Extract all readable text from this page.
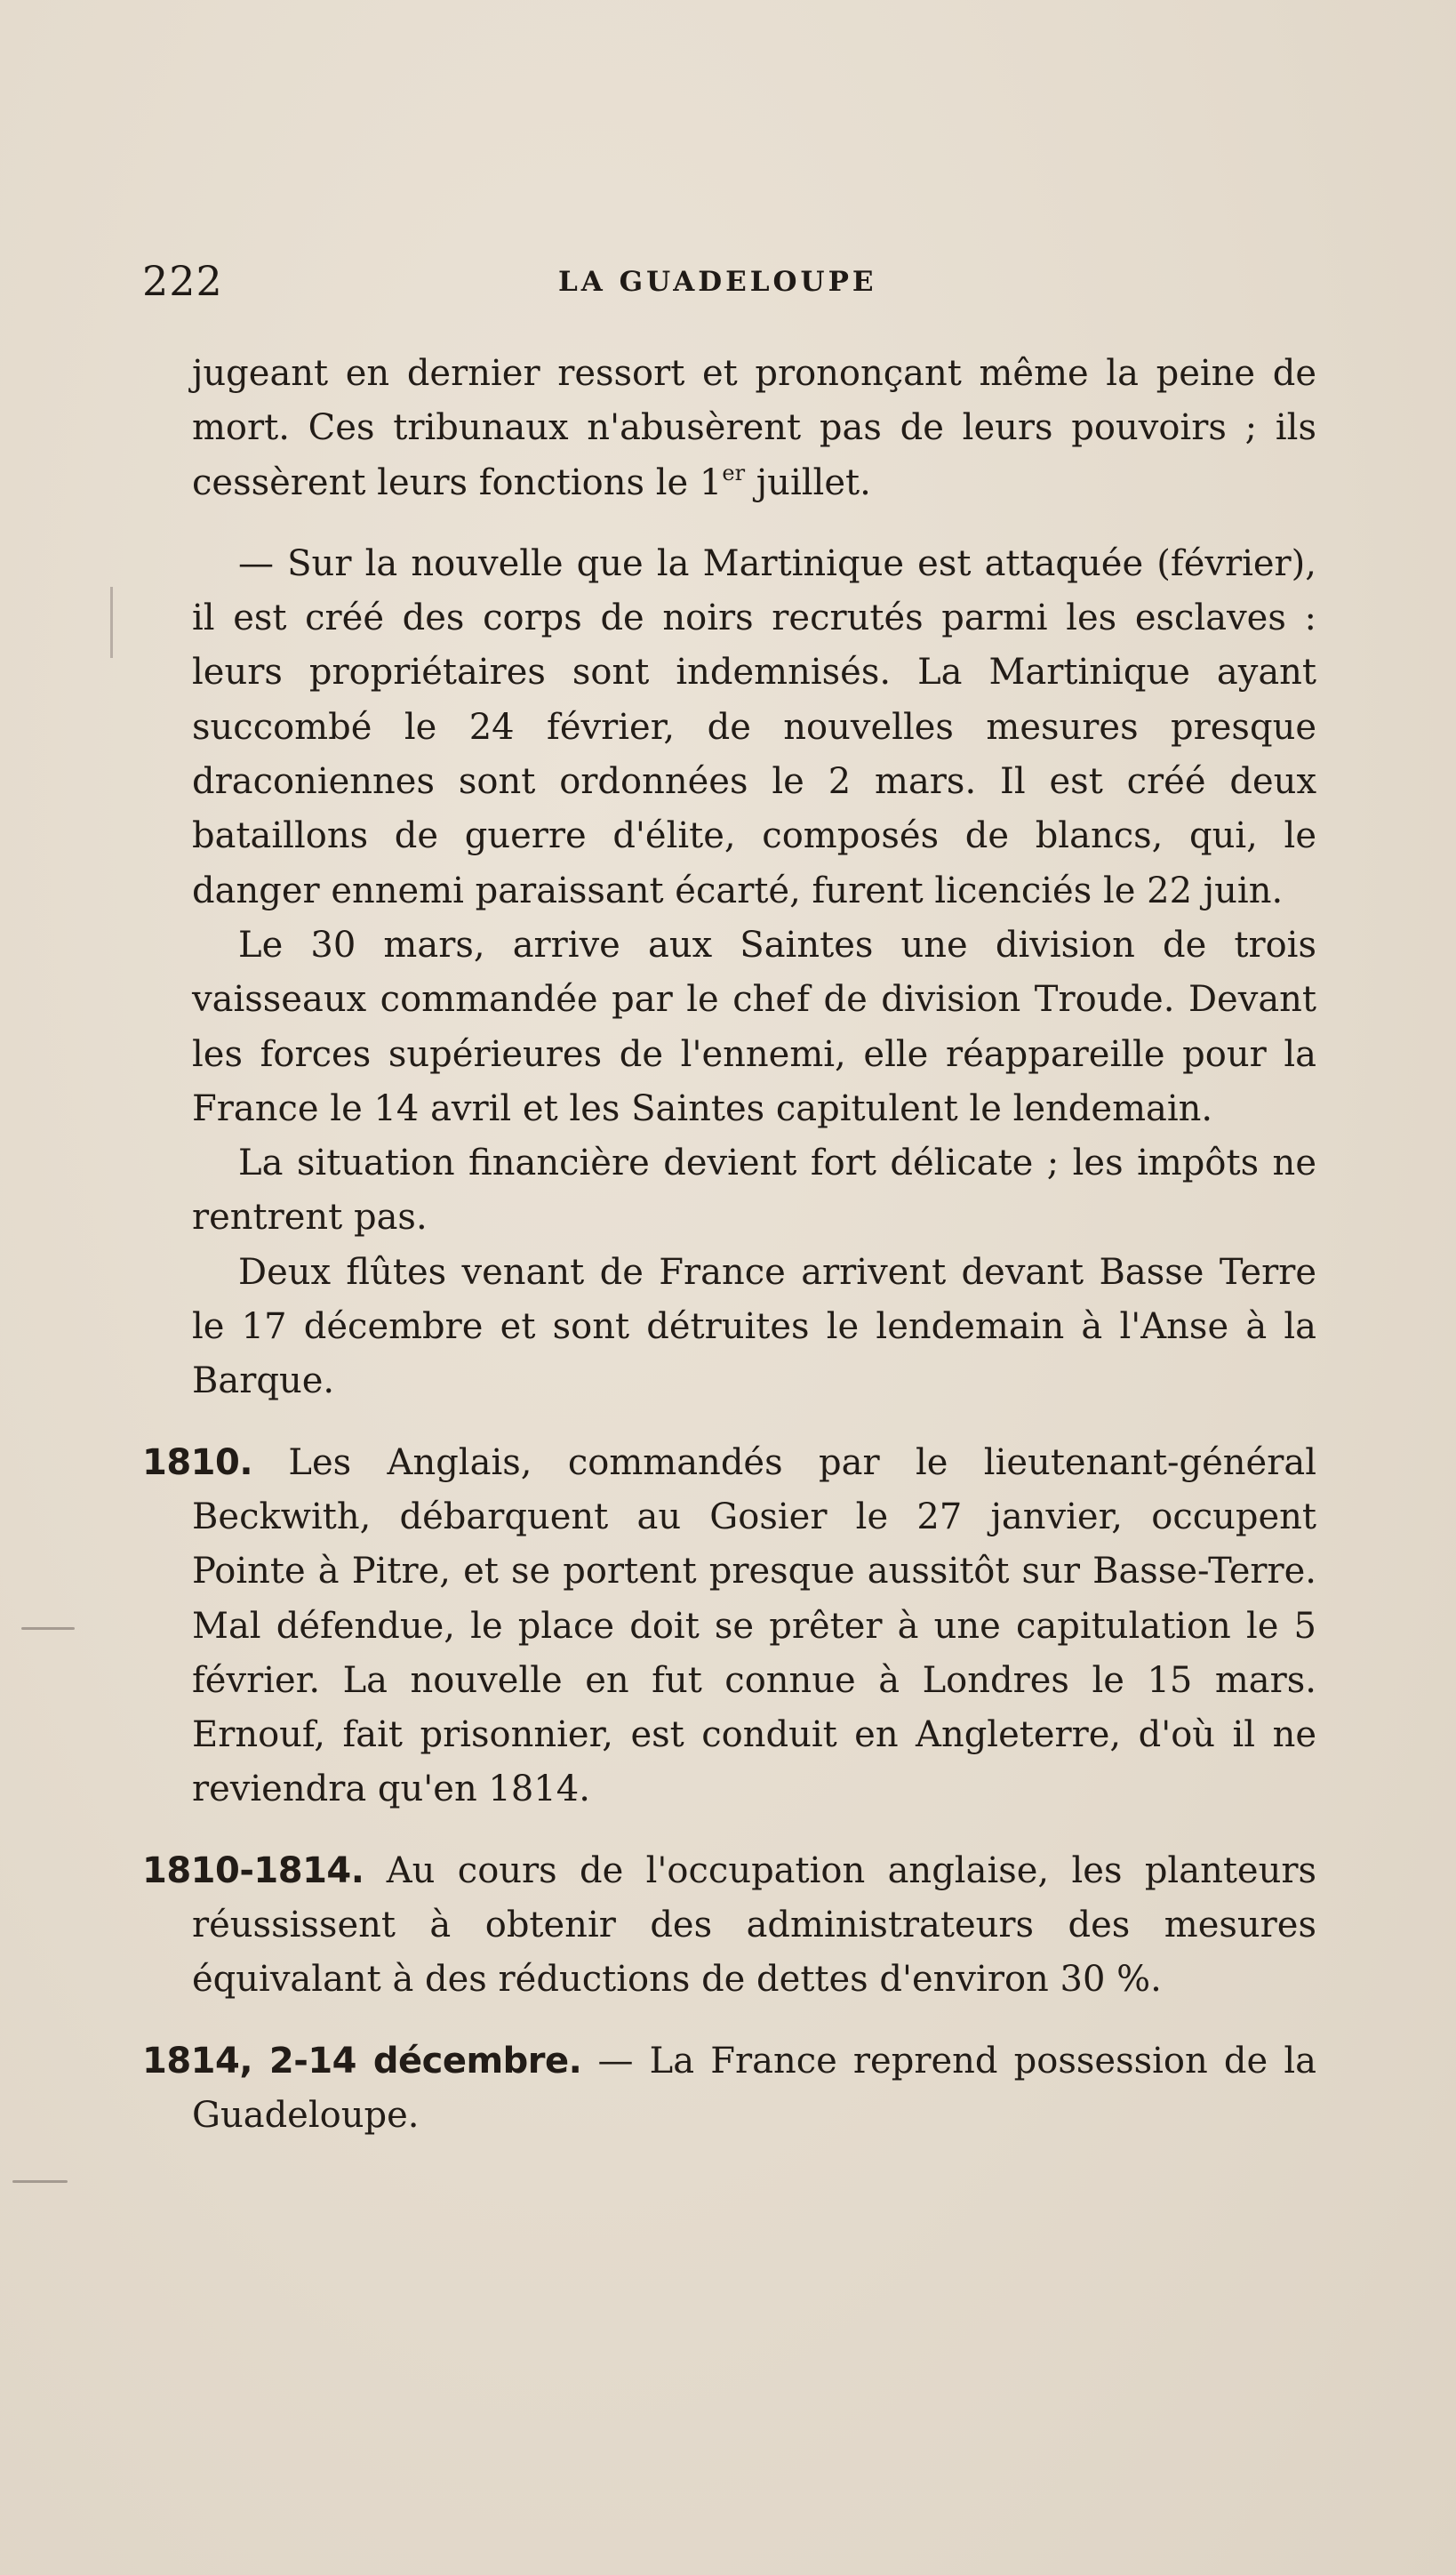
222	LA GUADELOUPE

jugeant en dernier ressort et prononçant même la peine de mort. Ces tribunaux n'abusèrent pas de leurs pouvoirs ; ils cessèrent leurs fonctions le 1er juillet.

— Sur la nouvelle que la Martinique est attaquée (février), il est créé des corps de noirs recrutés parmi les esclaves : leurs propriétaires sont indemnisés. La Martinique ayant succombé le 24 février, de nouvelles mesures presque draconiennes sont ordonnées le 2 mars. Il est créé deux bataillons de guerre d'élite, composés de blancs, qui, le danger ennemi paraissant écarté, furent licenciés le 22 juin.

Le 30 mars, arrive aux Saintes une division de trois vaisseaux commandée par le chef de division Troude. Devant les forces supérieures de l'ennemi, elle réappareille pour la France le 14 avril et les Saintes capitulent le lendemain.

La situation financière devient fort délicate ; les impôts ne rentrent pas.

Deux flûtes venant de France arrivent devant Basse Terre le 17 décembre et sont détruites le lendemain à l'Anse à la Barque.

1810. Les Anglais, commandés par le lieutenant-général Beckwith, débarquent au Gosier le 27 janvier, occupent Pointe à Pitre, et se portent presque aussitôt sur Basse-Terre. Mal défendue, le place doit se prêter à une capitulation le 5 février. La nouvelle en fut connue à Londres le 15 mars. Ernouf, fait prisonnier, est conduit en Angleterre, d'où il ne reviendra qu'en 1814.

1810-1814. Au cours de l'occupation anglaise, les planteurs réussissent à obtenir des administrateurs des mesures équivalant à des réductions de dettes d'environ 30 %.

1814, 2-14 décembre. — La France reprend possession de la Guadeloupe.
